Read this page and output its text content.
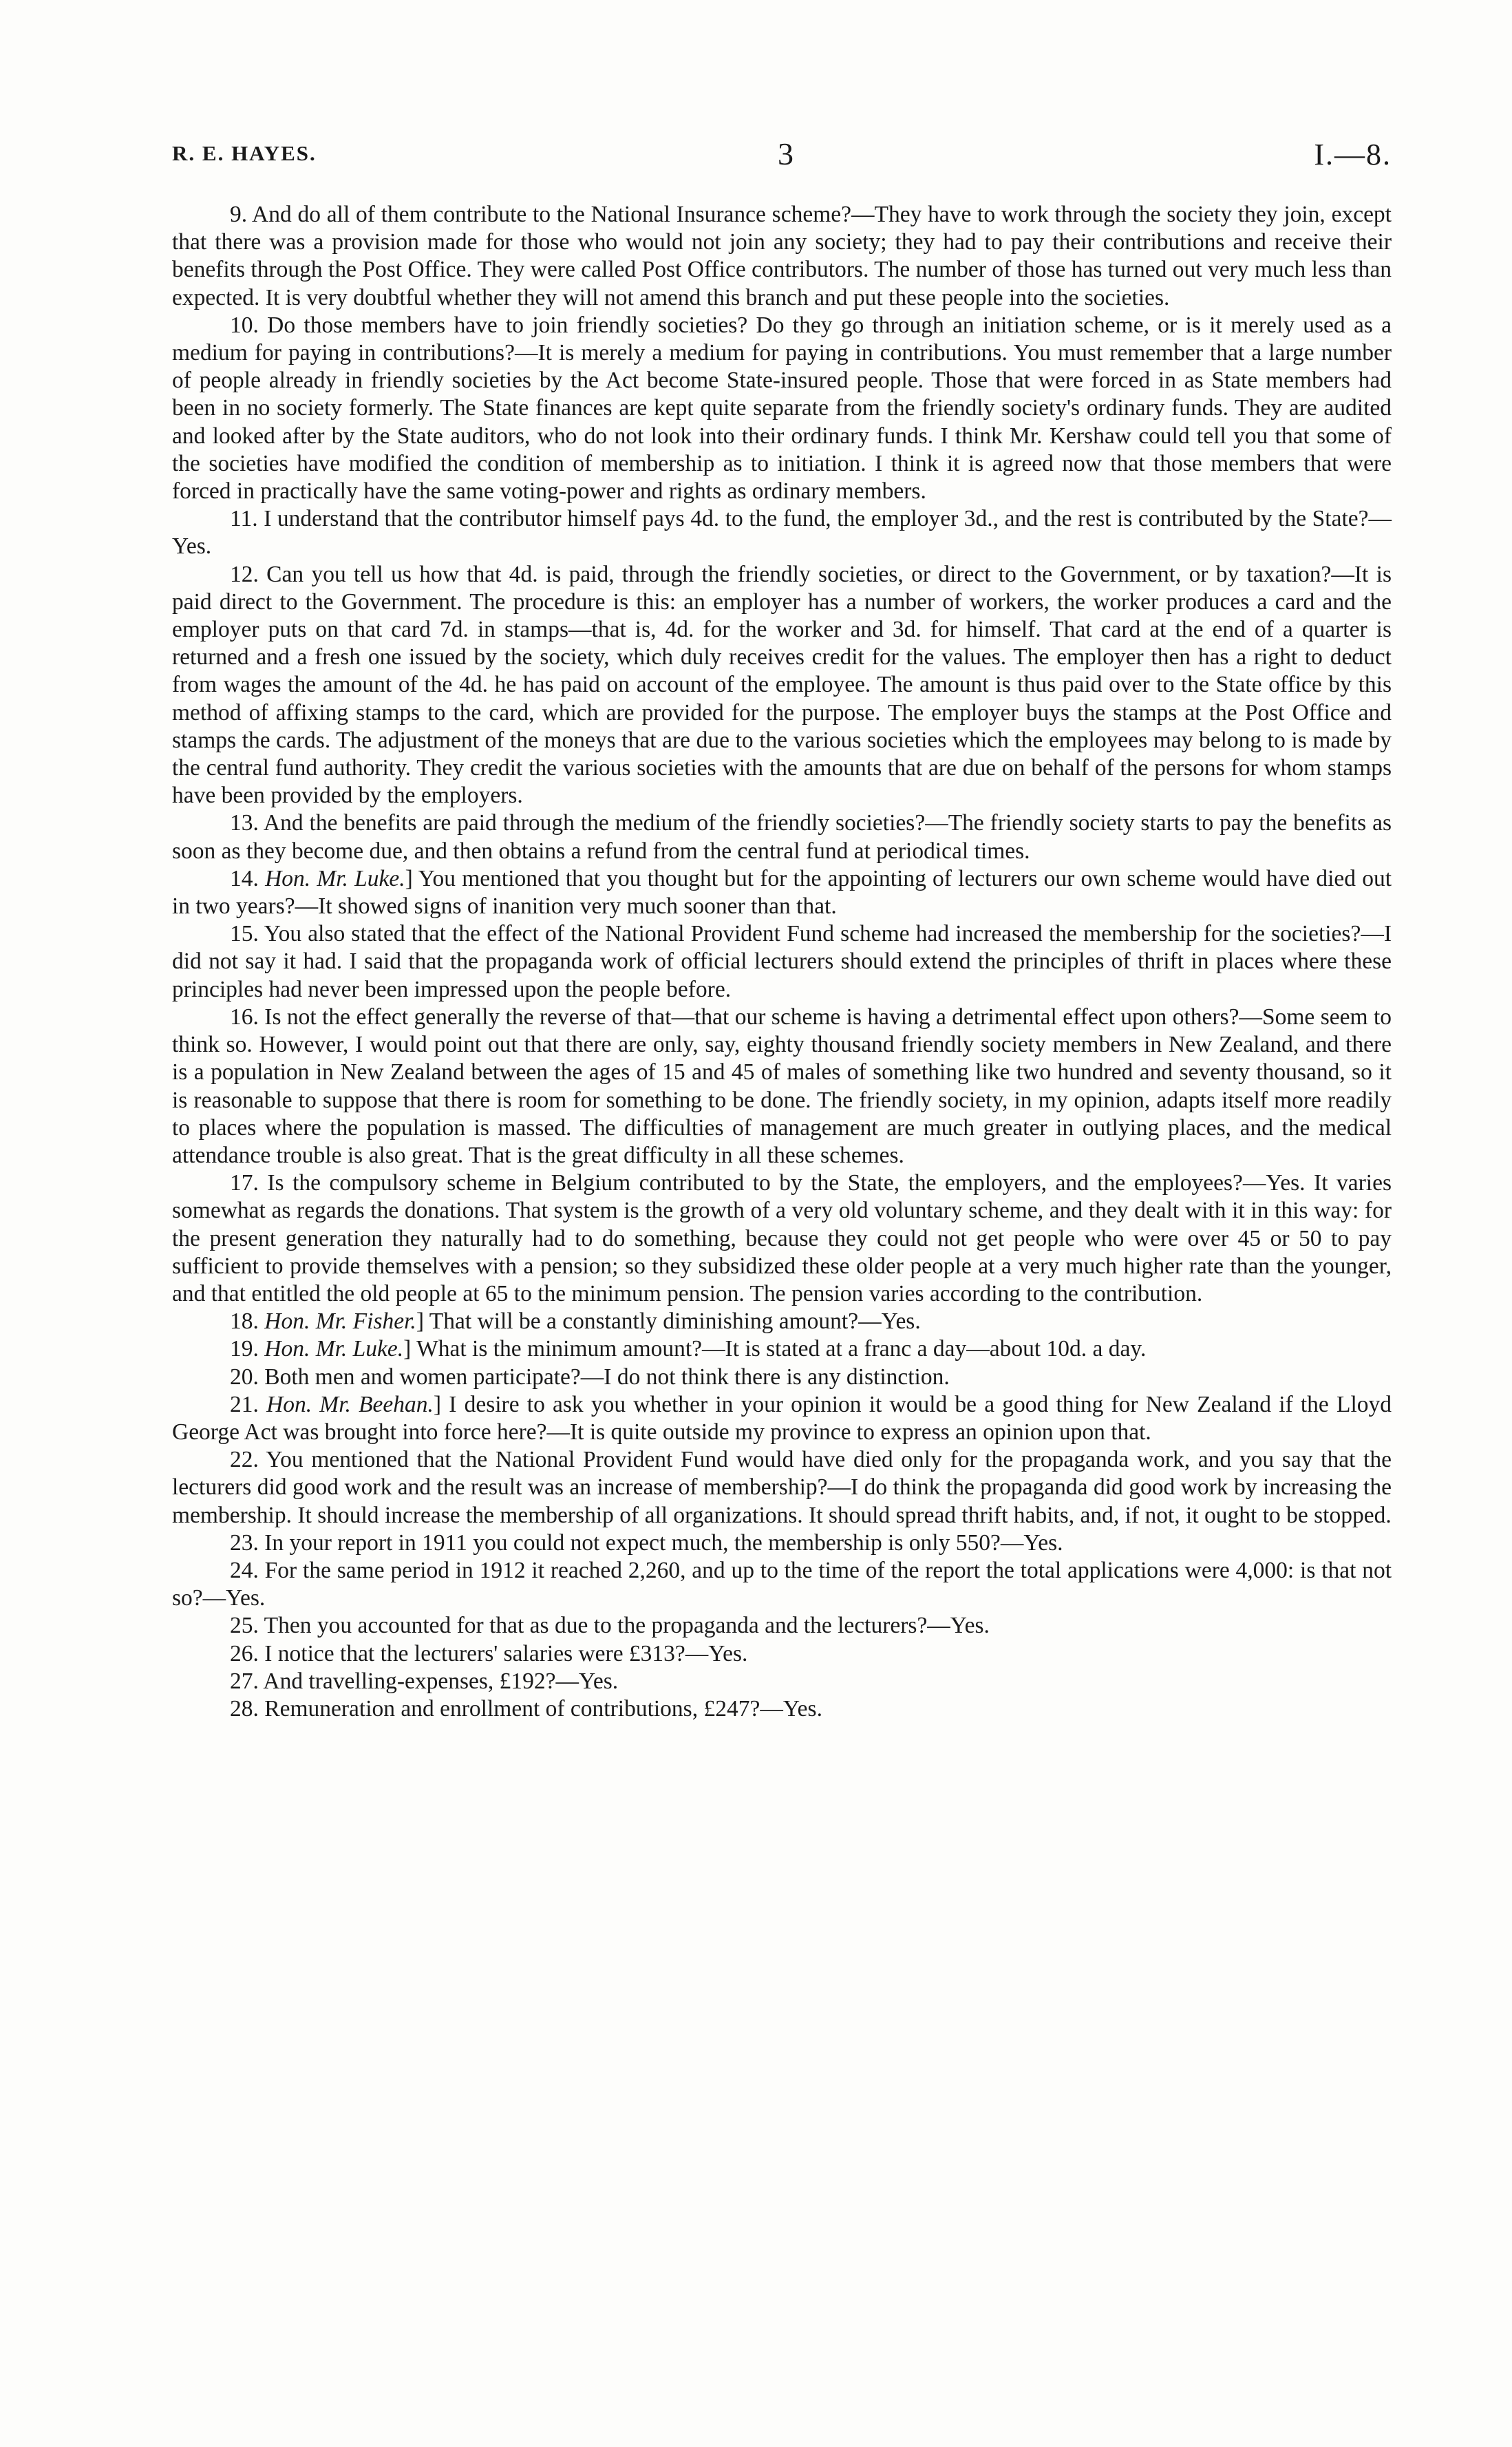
R. E. HAYES.	3	I.—8.

9. And do all of them contribute to the National Insurance scheme?—They have to work through the society they join, except that there was a provision made for those who would not join any society; they had to pay their contributions and receive their benefits through the Post Office. They were called Post Office contributors. The number of those has turned out very much less than expected. It is very doubtful whether they will not amend this branch and put these people into the societies.

10. Do those members have to join friendly societies? Do they go through an initiation scheme, or is it merely used as a medium for paying in contributions?—It is merely a medium for paying in contributions. You must remember that a large number of people already in friendly societies by the Act become State-insured people. Those that were forced in as State members had been in no society formerly. The State finances are kept quite separate from the friendly society's ordinary funds. They are audited and looked after by the State auditors, who do not look into their ordinary funds. I think Mr. Kershaw could tell you that some of the societies have modified the condition of membership as to initiation. I think it is agreed now that those members that were forced in practically have the same voting-power and rights as ordinary members.

11. I understand that the contributor himself pays 4d. to the fund, the employer 3d., and the rest is contributed by the State?—Yes.

12. Can you tell us how that 4d. is paid, through the friendly societies, or direct to the Government, or by taxation?—It is paid direct to the Government. The procedure is this: an employer has a number of workers, the worker produces a card and the employer puts on that card 7d. in stamps—that is, 4d. for the worker and 3d. for himself. That card at the end of a quarter is returned and a fresh one issued by the society, which duly receives credit for the values. The employer then has a right to deduct from wages the amount of the 4d. he has paid on account of the employee. The amount is thus paid over to the State office by this method of affixing stamps to the card, which are provided for the purpose. The employer buys the stamps at the Post Office and stamps the cards. The adjustment of the moneys that are due to the various societies which the employees may belong to is made by the central fund authority. They credit the various societies with the amounts that are due on behalf of the persons for whom stamps have been provided by the employers.

13. And the benefits are paid through the medium of the friendly societies?—The friendly society starts to pay the benefits as soon as they become due, and then obtains a refund from the central fund at periodical times.

14. Hon. Mr. Luke.] You mentioned that you thought but for the appointing of lecturers our own scheme would have died out in two years?—It showed signs of inanition very much sooner than that.

15. You also stated that the effect of the National Provident Fund scheme had increased the membership for the societies?—I did not say it had. I said that the propaganda work of official lecturers should extend the principles of thrift in places where these principles had never been impressed upon the people before.

16. Is not the effect generally the reverse of that—that our scheme is having a detrimental effect upon others?—Some seem to think so. However, I would point out that there are only, say, eighty thousand friendly society members in New Zealand, and there is a population in New Zealand between the ages of 15 and 45 of males of something like two hundred and seventy thousand, so it is reasonable to suppose that there is room for something to be done. The friendly society, in my opinion, adapts itself more readily to places where the population is massed. The difficulties of management are much greater in outlying places, and the medical attendance trouble is also great. That is the great difficulty in all these schemes.

17. Is the compulsory scheme in Belgium contributed to by the State, the employers, and the employees?—Yes. It varies somewhat as regards the donations. That system is the growth of a very old voluntary scheme, and they dealt with it in this way: for the present generation they naturally had to do something, because they could not get people who were over 45 or 50 to pay sufficient to provide themselves with a pension; so they subsidized these older people at a very much higher rate than the younger, and that entitled the old people at 65 to the minimum pension. The pension varies according to the contribution.

18. Hon. Mr. Fisher.] That will be a constantly diminishing amount?—Yes.

19. Hon. Mr. Luke.] What is the minimum amount?—It is stated at a franc a day—about 10d. a day.

20. Both men and women participate?—I do not think there is any distinction.

21. Hon. Mr. Beehan.] I desire to ask you whether in your opinion it would be a good thing for New Zealand if the Lloyd George Act was brought into force here?—It is quite outside my province to express an opinion upon that.

22. You mentioned that the National Provident Fund would have died only for the propaganda work, and you say that the lecturers did good work and the result was an increase of membership?—I do think the propaganda did good work by increasing the membership. It should increase the membership of all organizations. It should spread thrift habits, and, if not, it ought to be stopped.

23. In your report in 1911 you could not expect much, the membership is only 550?—Yes.

24. For the same period in 1912 it reached 2,260, and up to the time of the report the total applications were 4,000: is that not so?—Yes.

25. Then you accounted for that as due to the propaganda and the lecturers?—Yes.

26. I notice that the lecturers' salaries were £313?—Yes.

27. And travelling-expenses, £192?—Yes.

28. Remuneration and enrollment of contributions, £247?—Yes.
